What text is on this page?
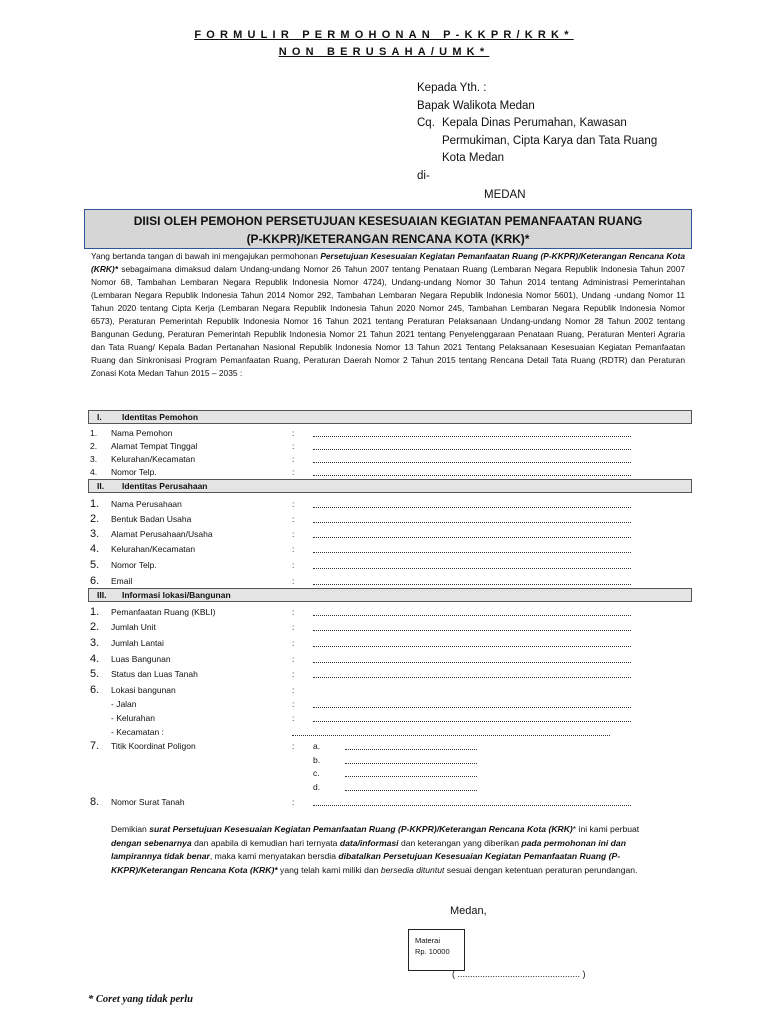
FORMULIR PERMOHONAN P-KKPR/KRK*
NON BERUSAHA/UMK*
Kepada Yth. :
Bapak Walikota Medan
Cq. Kepala Dinas Perumahan, Kawasan
Permukiman, Cipta Karya dan Tata Ruang
Kota Medan
di-
MEDAN
DIISI OLEH PEMOHON PERSETUJUAN KESESUAIAN KEGIATAN PEMANFAATAN RUANG
(P-KKPR)/KETERANGAN RENCANA KOTA (KRK)*
Yang bertanda tangan di bawah ini mengajukan permohonan Persetujuan Kesesuaian Kegiatan Pemanfaatan Ruang (P-KKPR)/Keterangan Rencana Kota (KRK)* sebagaimana dimaksud dalam Undang-undang Nomor 26 Tahun 2007 tentang Penataan Ruang (Lembaran Negara Republik Indonesia Tahun 2007 Nomor 68, Tambahan Lembaran Negara Republik Indonesia Nomor 4724), Undang-undang Nomor 30 Tahun 2014 tentang Administrasi Pemerintahan (Lembaran Negara Republik Indonesia Tahun 2014 Nomor 292, Tambahan Lembaran Negara Republik Indonesia Nomor 5601), Undang -undang Nomor 11 Tahun 2020 tentang Cipta Kerja (Lembaran Negara Republik Indonesia Tahun 2020 Nomor 245, Tambahan Lembaran Negara Republik Indonesia Nomor 6573), Peraturan Pemerintah Republik Indonesia Nomor 16 Tahun 2021 tentang Peraturan Pelaksanaan Undang-undang Nomor 28 Tahun 2002 tentang Bangunan Gedung, Peraturan Pemerintah Republik Indonesia Nomor 21 Tahun 2021 tentang Penyelenggaraan Penataan Ruang, Peraturan Menteri Agraria dan Tata Ruang/ Kepala Badan Pertanahan Nasional Republik Indonesia Nomor 13 Tahun 2021 Tentang Pelaksanaan Kesesuaian Kegiatan Pemanfaatan Ruang dan Sinkronisasi Program Pemanfaatan Ruang, Peraturan Daerah Nomor 2 Tahun 2015 tentang Rencana Detail Tata Ruang (RDTR) dan Peraturan Zonasi Kota Medan Tahun 2015 – 2035 :
I. Identitas Pemohon
1. Nama Pemohon	:
2. Alamat Tempat Tinggal	:
3. Kelurahan/Kecamatan	:
4. Nomor Telp.	:
II. Identitas Perusahaan
1. Nama Perusahaan	:
2. Bentuk Badan Usaha	:
3. Alamat Perusahaan/Usaha	:
4. Kelurahan/Kecamatan	:
5. Nomor Telp.	:
6. Email	:
III. Informasi lokasi/Bangunan
1. Pemanfaatan Ruang (KBLI)	:
2. Jumlah Unit	:
3. Jumlah Lantai	:
4. Luas Bangunan	:
5. Status dan Luas Tanah	:
6. Lokasi bangunan	:
- Jalan	:
- Kelurahan	:
- Kecamatan :
7. Titik Koordinat Poligon	: a.
b.
c.
d.
8. Nomor Surat Tanah	:
Demikian surat Persetujuan Kesesuaian Kegiatan Pemanfaatan Ruang (P-KKPR)/Keterangan Rencana Kota (KRK)* ini kami perbuat dengan sebenarnya dan apabila di kemudian hari ternyata data/informasi dan keterangan yang diberikan pada permohonan ini dan lampirannya tidak benar, maka kami menyatakan bersdia dibatalkan Persetujuan Kesesuaian Kegiatan Pemanfaatan Ruang (P-KKPR)/Keterangan Rencana Kota (KRK)* yang telah kami miliki dan bersedia dituntut sesuai dengan ketentuan peraturan perundangan.
Medan,
Materai
Rp. 10000
( ................................................. )
* Coret yang tidak perlu
